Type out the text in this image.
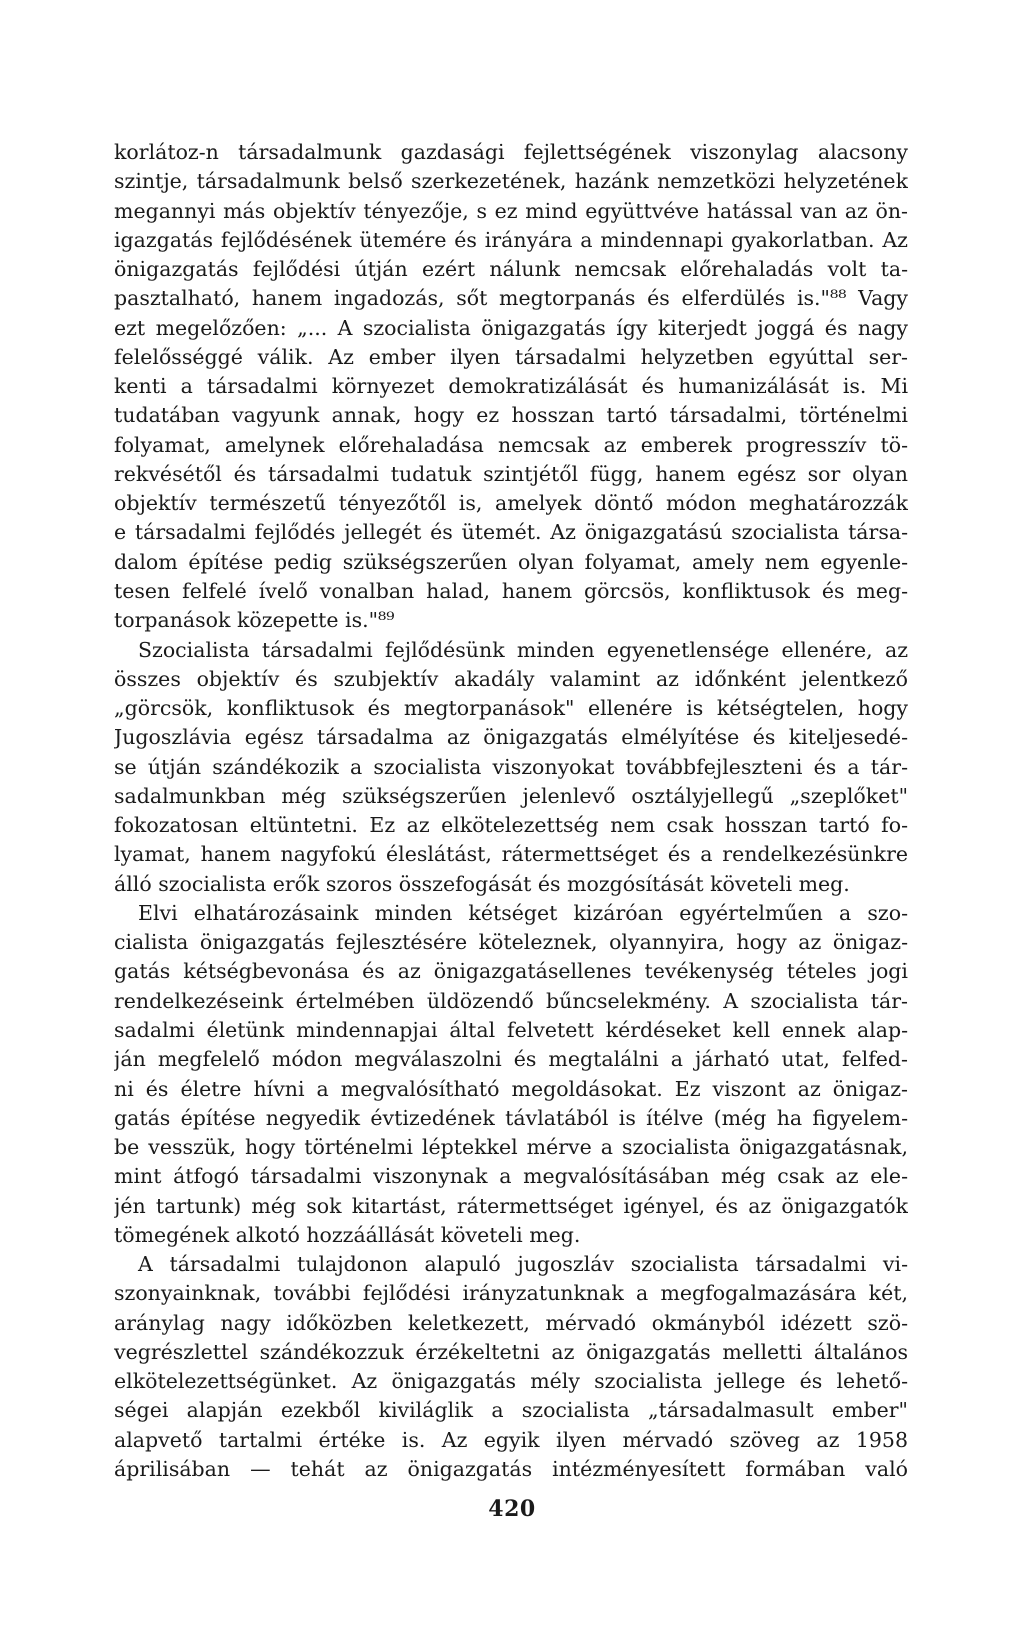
korlátoz-n társadalmunk gazdasági fejlettségének viszonylag alacsony
szintje, társadalmunk belső szerkezetének, hazánk nemzetközi helyzetének
megannyi más objektív tényezője, s ez mind együttvéve hatással van az ön-
igazgatás fejlődésének ütemére és irányára a mindennapi gyakorlatban. Az
önigazgatás fejlődési útján ezért nálunk nemcsak előrehaladás volt ta-
pasztalható, hanem ingadozás, sőt megtorpanás és elferdülés is."⁸⁸ Vagy
ezt megelőzően: „... A szocialista önigazgatás így kiterjedt joggá és nagy
felelősséggé válik. Az ember ilyen társadalmi helyzetben egyúttal ser-
kenti a társadalmi környezet demokratizálását és humanizálását is. Mi
tudatában vagyunk annak, hogy ez hosszan tartó társadalmi, történelmi
folyamat, amelynek előrehaladása nemcsak az emberek progresszív tö-
rekvésétől és társadalmi tudatuk szintjétől függ, hanem egész sor olyan
objektív természetű tényezőtől is, amelyek döntő módon meghatározzák
e társadalmi fejlődés jellegét és ütemét. Az önigazgatású szocialista társa-
dalom építése pedig szükségszerűen olyan folyamat, amely nem egyenle-
tesen felfelé ívelő vonalban halad, hanem görcsös, konfliktusok és meg-
torpanások közepette is."⁸⁹
Szocialista társadalmi fejlődésünk minden egyenetlensége ellenére, az
összes objektív és szubjektív akadály valamint az időnként jelentkező
„görcsök, konfliktusok és megtorpanások" ellenére is kétségtelen, hogy
Jugoszlávia egész társadalma az önigazgatás elmélyítése és kiteljesedé-
se útján szándékozik a szocialista viszonyokat továbbfejleszteni és a tár-
sadalmunkban még szükségszerűen jelenlevő osztályjellegű „szeplőket"
fokozatosan eltüntetni. Ez az elkötelezettség nem csak hosszan tartó fo-
lyamat, hanem nagyfokú éleslátást, rátermettséget és a rendelkezésünkre
álló szocialista erők szoros összefogását és mozgósítását követeli meg.
Elvi elhatározásaink minden kétséget kizáróan egyértelműen a szo-
cialista önigazgatás fejlesztésére köteleznek, olyannyira, hogy az önigaz-
gatás kétségbevonása és az önigazgatásellenes tevékenység tételes jogi
rendelkezéseink értelmében üldözendő bűncselekmény. A szocialista tár-
sadalmi életünk mindennapjai által felvetett kérdéseket kell ennek alap-
ján megfelelő módon megválaszolni és megtalálni a járható utat, felfed-
ni és életre hívni a megvalósítható megoldásokat. Ez viszont az önigaz-
gatás építése negyedik évtizedének távlatából is ítélve (még ha figyelem-
be vesszük, hogy történelmi léptekkel mérve a szocialista önigazgatásnak,
mint átfogó társadalmi viszonynak a megvalósításában még csak az ele-
jén tartunk) még sok kitartást, rátermettséget igényel, és az önigazgatók
tömegének alkotó hozzáállását követeli meg.
A társadalmi tulajdonon alapuló jugoszláv szocialista társadalmi vi-
szonyainknak, további fejlődési irányzatunknak a megfogalmazására két,
aránylag nagy időközben keletkezett, mérvadó okmányból idézett szö-
vegrészlettel szándékozzuk érzékeltetni az önigazgatás melletti általános
elkötelezettségünket. Az önigazgatás mély szocialista jellege és lehető-
ségei alapján ezekből kiviláglik a szocialista „társadalmasult ember"
alapvető tartalmi értéke is. Az egyik ilyen mérvadó szöveg az 1958
áprilisában — tehát az önigazgatás intézményesített formában való
420
